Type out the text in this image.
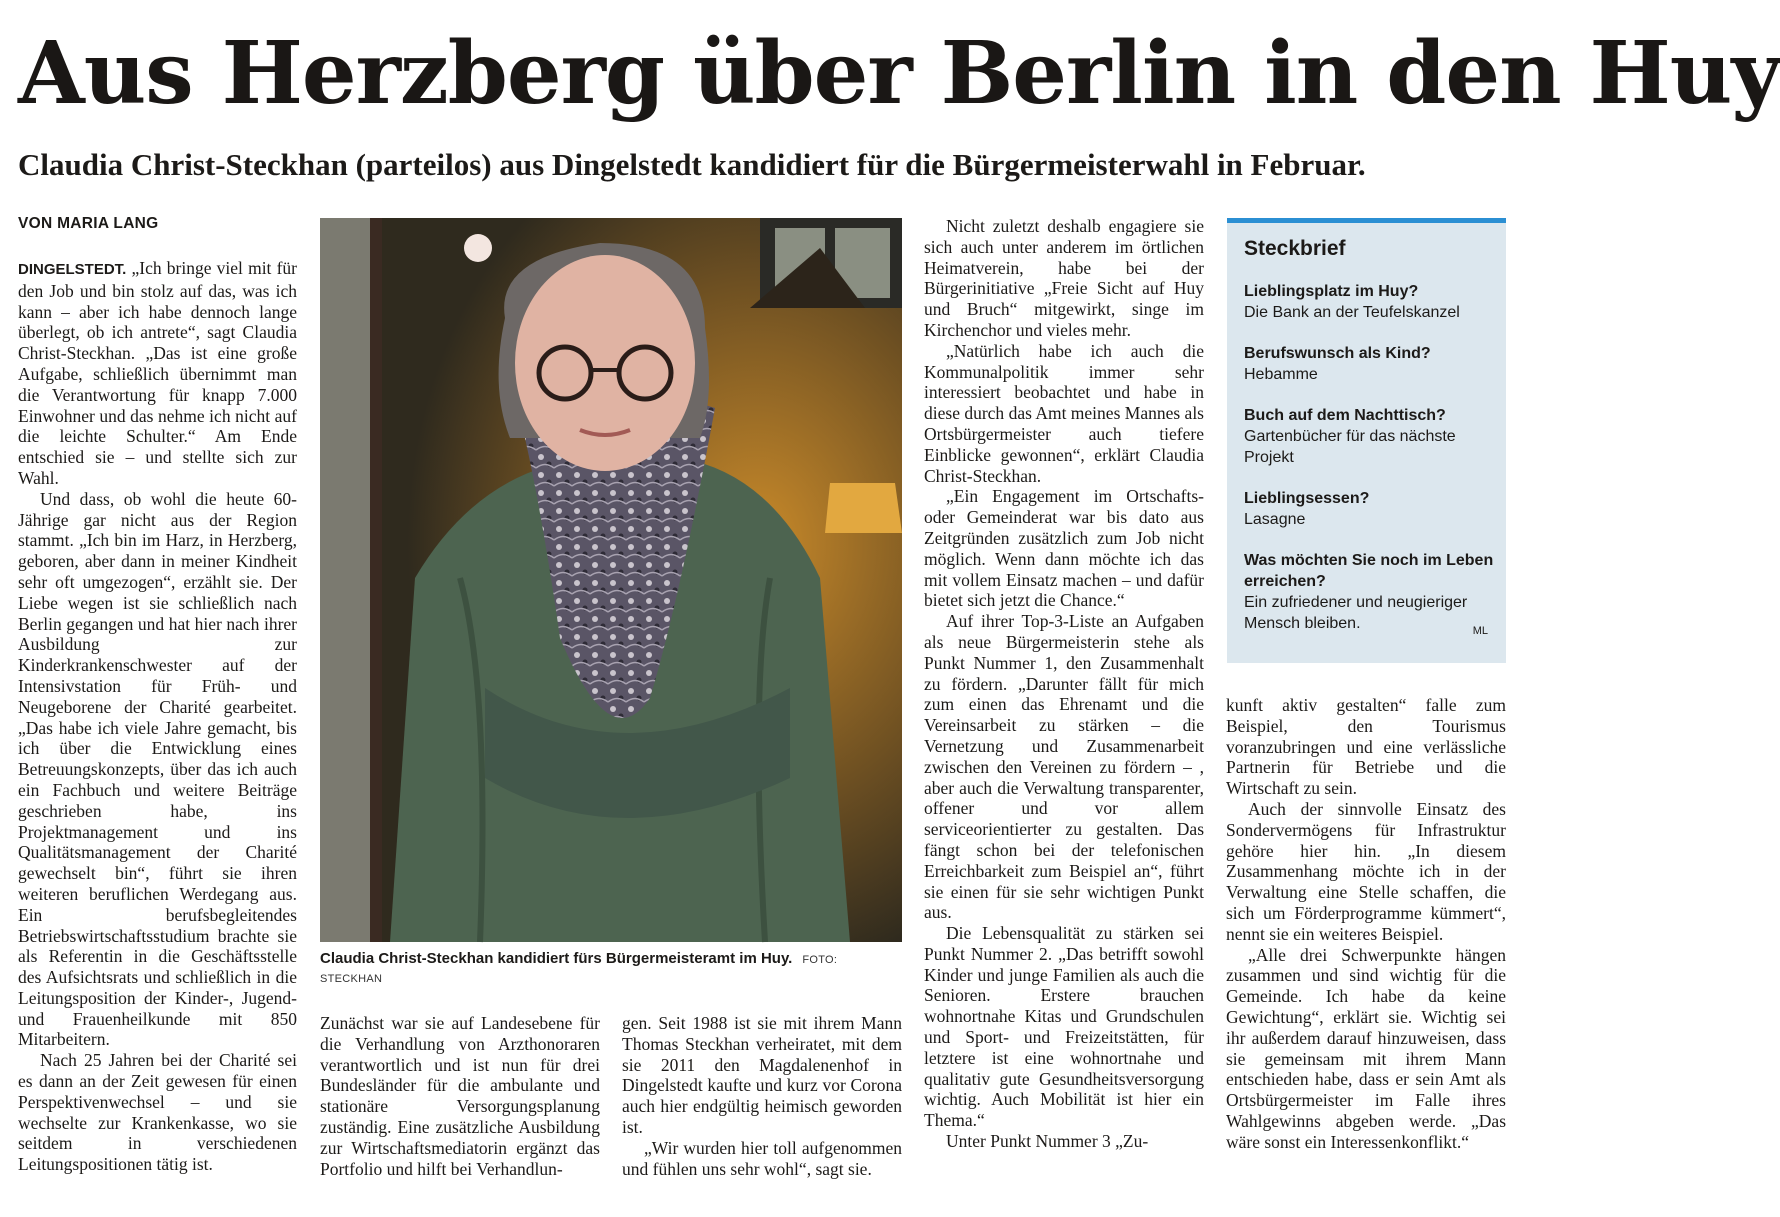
Aus Herzberg über Berlin in den Huy
Claudia Christ-Steckhan (parteilos) aus Dingelstedt kandidiert für die Bürgermeisterwahl in Februar.
VON MARIA LANG

DINGELSTEDT. „Ich bringe viel mit für den Job und bin stolz auf das, was ich kann – aber ich habe dennoch lange überlegt, ob ich antrete“, sagt Claudia Christ-Steckhan. „Das ist eine große Aufgabe, schließlich übernimmt man die Verantwortung für knapp 7.000 Einwohner und das nehme ich nicht auf die leichte Schulter.“ Am Ende entschied sie – und stellte sich zur Wahl.

Und dass, ob wohl die heute 60-Jährige gar nicht aus der Region stammt. „Ich bin im Harz, in Herzberg, geboren, aber dann in meiner Kindheit sehr oft umgezogen“, erzählt sie. Der Liebe wegen ist sie schließlich nach Berlin gegangen und hat hier nach ihrer Ausbildung zur Kinderkrankenschwester auf der Intensivstation für Früh- und Neugeborene der Charité gearbeitet. „Das habe ich viele Jahre gemacht, bis ich über die Entwicklung eines Betreuungskonzepts, über das ich auch ein Fachbuch und weitere Beiträge geschrieben habe, ins Projektmanagement und ins Qualitätsmanagement der Charité gewechselt bin“, führt sie ihren weiteren beruflichen Werdegang aus. Ein berufsbegleitendes Betriebswirtschaftsstudium brachte sie als Referentin in die Geschäftsstelle des Aufsichtsrats und schließlich in die Leitungsposition der Kinder-, Jugend- und Frauenheilkunde mit 850 Mitarbeitern.

Nach 25 Jahren bei der Charité sei es dann an der Zeit gewesen für einen Perspektivenwechsel – und sie wechselte zur Krankenkasse, wo sie seitdem in verschiedenen Leitungspositionen tätig ist.

Claudia Christ-Steckhan kandidiert fürs Bürgermeisteramt im Huy. FOTO: STECKHAN

Zunächst war sie auf Landesebene für die Verhandlung von Arzthonoraren verantwortlich und ist nun für drei Bundesländer für die ambulante und stationäre Versorgungsplanung zuständig. Eine zusätzliche Ausbildung zur Wirtschaftsmediatorin ergänzt das Portfolio und hilft bei Verhandlun-

gen. Seit 1988 ist sie mit ihrem Mann Thomas Steckhan verheiratet, mit dem sie 2011 den Magdalenenhof in Dingelstedt kaufte und kurz vor Corona auch hier endgültig heimisch geworden ist.

„Wir wurden hier toll aufgenommen und fühlen uns sehr wohl“, sagt sie.

Nicht zuletzt deshalb engagiere sie sich auch unter anderem im örtlichen Heimatverein, habe bei der Bürgerinitiative „Freie Sicht auf Huy und Bruch“ mitgewirkt, singe im Kirchenchor und vieles mehr.

„Natürlich habe ich auch die Kommunalpolitik immer sehr interessiert beobachtet und habe in diese durch das Amt meines Mannes als Ortsbürgermeister auch tiefere Einblicke gewonnen“, erklärt Claudia Christ-Steckhan.

„Ein Engagement im Ortschafts- oder Gemeinderat war bis dato aus Zeitgründen zusätzlich zum Job nicht möglich. Wenn dann möchte ich das mit vollem Einsatz machen – und dafür bietet sich jetzt die Chance.“

Auf ihrer Top-3-Liste an Aufgaben als neue Bürgermeisterin stehe als Punkt Nummer 1, den Zusammenhalt zu fördern. „Darunter fällt für mich zum einen das Ehrenamt und die Vereinsarbeit zu stärken – die Vernetzung und Zusammenarbeit zwischen den Vereinen zu fördern – , aber auch die Verwaltung transparenter, offener und vor allem serviceorientierter zu gestalten. Das fängt schon bei der telefonischen Erreichbarkeit zum Beispiel an“, führt sie einen für sie sehr wichtigen Punkt aus.

Die Lebensqualität zu stärken sei Punkt Nummer 2. „Das betrifft sowohl Kinder und junge Familien als auch die Senioren. Erstere brauchen wohnortnahe Kitas und Grundschulen und Sport- und Freizeitstätten, für letztere ist eine wohnortnahe und qualitativ gute Gesundheitsversorgung wichtig. Auch Mobilität ist hier ein Thema.“

Unter Punkt Nummer 3 „Zu-

Steckbrief
Lieblingsplatz im Huy?
Die Bank an der Teufelskanzel
Berufswunsch als Kind?
Hebamme
Buch auf dem Nachttisch?
Gartenbücher für das nächste Projekt
Lieblingsessen?
Lasagne
Was möchten Sie noch im Leben erreichen?
Ein zufriedener und neugieriger Mensch bleiben.	ML

kunft aktiv gestalten“ falle zum Beispiel, den Tourismus voranzubringen und eine verlässliche Partnerin für Betriebe und die Wirtschaft zu sein.

Auch der sinnvolle Einsatz des Sondervermögens für Infrastruktur gehöre hier hin. „In diesem Zusammenhang möchte ich in der Verwaltung eine Stelle schaffen, die sich um Förderprogramme kümmert“, nennt sie ein weiteres Beispiel.

„Alle drei Schwerpunkte hängen zusammen und sind wichtig für die Gemeinde. Ich habe da keine Gewichtung“, erklärt sie. Wichtig sei ihr außerdem darauf hinzuweisen, dass sie gemeinsam mit ihrem Mann entschieden habe, dass er sein Amt als Ortsbürgermeister im Falle ihres Wahlgewinns abgeben werde. „Das wäre sonst ein Interessenkonflikt.“
